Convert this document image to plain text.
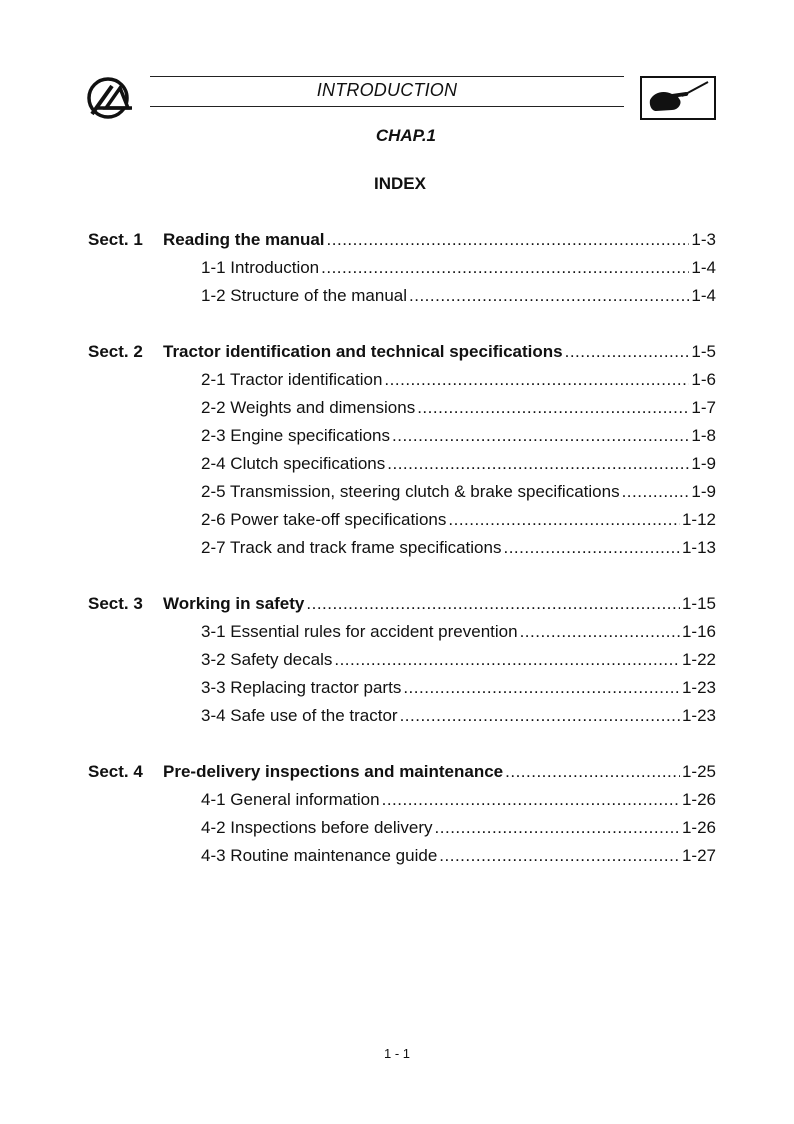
INTRODUCTION
CHAP.1
INDEX
Sect. 1 Reading the manual .....	1-3
1-1 Introduction .....	1-4
1-2 Structure of the manual .....	1-4
Sect. 2 Tractor identification and technical specifications .....	1-5
2-1 Tractor identification .....	1-6
2-2 Weights and dimensions .....	1-7
2-3 Engine specifications .....	1-8
2-4 Clutch specifications .....	1-9
2-5 Transmission, steering clutch & brake specifications .....	1-9
2-6 Power take-off specifications .....	1-12
2-7 Track and track frame specifications .....	1-13
Sect. 3 Working in safety .....	1-15
3-1 Essential rules for accident prevention .....	1-16
3-2 Safety decals .....	1-22
3-3 Replacing tractor parts .....	1-23
3-4 Safe use of the tractor .....	1-23
Sect. 4 Pre-delivery inspections and maintenance .....	1-25
4-1 General information .....	1-26
4-2 Inspections before delivery .....	1-26
4-3 Routine maintenance guide .....	1-27
1 - 1
